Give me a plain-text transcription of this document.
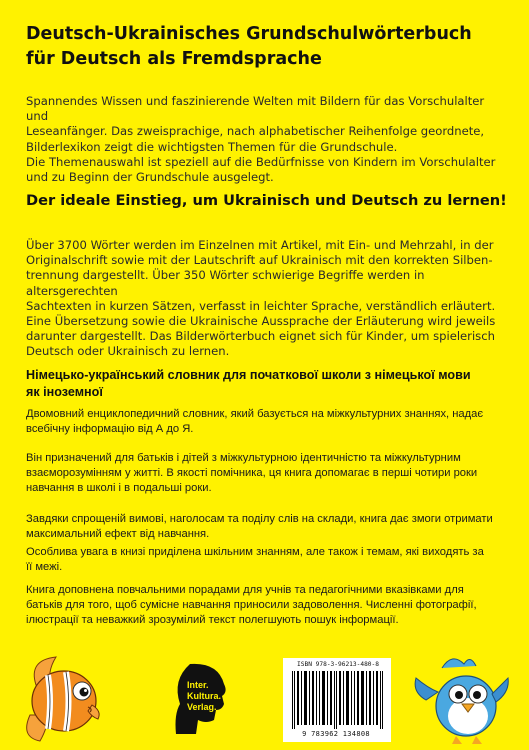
Deutsch-Ukrainisches Grundschulwörterbuch
für Deutsch als Fremdsprache
Spannendes Wissen und faszinierende Welten mit Bildern für das Vorschulalter und
Leseanfänger. Das zweisprachige, nach alphabetischer Reihenfolge geordnete,
Bilderlexikon zeigt die wichtigsten Themen für die Grundschule.
Die Themenauswahl ist speziell auf die Bedürfnisse von Kindern im Vorschulalter
und zu Beginn der Grundschule ausgelegt.
Der ideale Einstieg, um Ukrainisch und Deutsch zu lernen!
Über 3700 Wörter werden im Einzelnen mit Artikel, mit Ein- und Mehrzahl, in der
Originalschrift sowie mit der Lautschrift auf Ukrainisch mit den korrekten Silben-
trennung dargestellt. Über 350 Wörter schwierige Begriffe werden in altersgerechten
Sachtexten in kurzen Sätzen, verfasst in leichter Sprache, verständlich erläutert.
Eine Übersetzung sowie die Ukrainische Aussprache der Erläuterung wird jeweils
darunter dargestellt. Das Bilderwörterbuch eignet sich für Kinder, um spielerisch
Deutsch oder Ukrainisch zu lernen.
Німецько-український словник для початкової школи з німецької мови
як іноземної
Двомовний енциклопедичний словник, який базується на міжкультурних знаннях, надає
всебічну інформацію від А до Я.
Він призначений для батьків і дітей з міжкультурною ідентичністю та міжкультурним
взаєморозумінням у житті. В якості помічника, ця книга допомагає в перші чотири роки
навчання в школі і в подальші роки.
Завдяки спрощеній вимові, наголосам та поділу слів на склади, книга дає змоги отримати
максимальний ефект від навчання.
Особлива увага в книзі приділена шкільним знанням, але також і темам, які виходять за
її межі.
Книга доповнена повчальними порадами для учнів та педагогічними вказівками для
батьків для того, щоб сумісне навчання приносили задоволення. Численні фотографії,
ілюстрації та неважкий зрозумілий текст полегшують пошук інформації.
Inter.
Kultura.
Verlag.
ISBN 978-3-96213-480-8
9 783962 134808
